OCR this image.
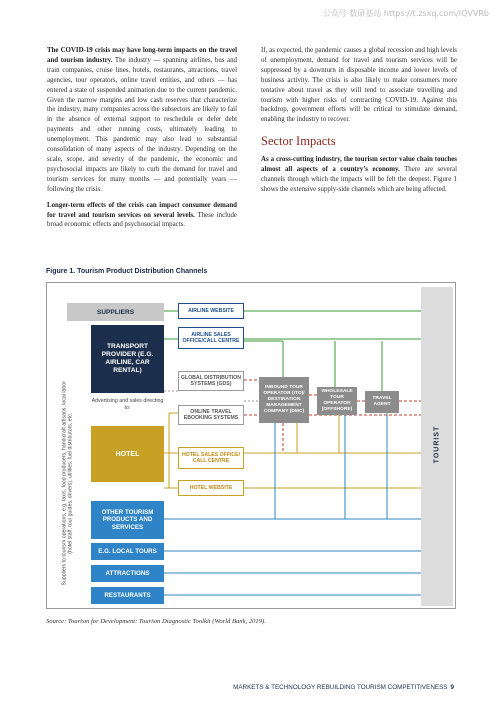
公众号·数研基站 https://t.zsxq.com/IQVVRb

The COVID-19 crisis may have long-term impacts on the travel and tourism industry. The industry — spanning airlines, bus and train companies, cruise lines, hotels, restaurants, attractions, travel agencies, tour operators, online travel entities, and others — has entered a state of suspended animation due to the current pandemic. Given the narrow margins and low cash reserves that characterize the industry, many companies across the subsectors are likely to fail in the absence of external support to reschedule or defer debt payments and other running costs, ultimately leading to unemployment. This pandemic may also lead to substantial consolidation of many aspects of the industry. Depending on the scale, scope, and severity of the pandemic, the economic and psychosocial impacts are likely to curb the demand for travel and tourism services for many months — and potentially years — following the crisis.

Longer-term effects of the crisis can impact consumer demand for travel and tourism services on several levels. These include broad economic effects and psychosocial impacts.

If, as expected, the pandemic causes a global recession and high levels of unemployment, demand for travel and tourism services will be suppressed by a downturn in disposable income and lower levels of business activity. The crisis is also likely to make consumers more tentative about travel as they will tend to associate travelling and tourism with higher risks of contracting COVID-19. Against this backdrop, government efforts will be critical to stimulate demand, enabling the industry to recover.

Sector Impacts

As a cross-cutting industry, the tourism sector value chain touches almost all aspects of a country’s economy. There are several channels through which the impacts will be felt the deepest. Figure 1 shows the extensive supply-side channels which are being affected.

Figure 1. Tourism Product Distribution Channels
Suppliers to tourism operations, e.g. taxis, food producers, handicraft artisans, local labor (hotel staff, tour guides, drivers), utilities, fuel distributors, etc.
SUPPLIERS
TRANSPORT PROVIDER (E.G. AIRLINE, CAR RENTAL)
Advertising and sales directing to:
HOTEL
OTHER TOURISM PRODUCTS AND SERVICES
E.G. LOCAL TOURS
ATTRACTIONS
RESTAURANTS
AIRLINE WEBSITE
AIRLINE SALES OFFICE/CALL CENTRE
GLOBAL DISTRIBUTION SYSTEMS (GDS)
ONLINE TRAVEL EBOOKING SYSTEMS
HOTEL SALES OFFICE/ CALL CENTRE
HOTEL WEBSITE
INBOUND TOUR OPERATOR (ITO)/ DESTINATION MANAGEMENT COMPANY (DMC)
WHOLESALE TOUR OPERATOR (OFFSHORE)
TRAVEL AGENT
TOURIST
Source: Tourism for Development: Tourism Diagnostic Toolkit (World Bank, 2019).
MARKETS & TECHNOLOGY REBUILDING TOURISM COMPETITIVENESS 9
